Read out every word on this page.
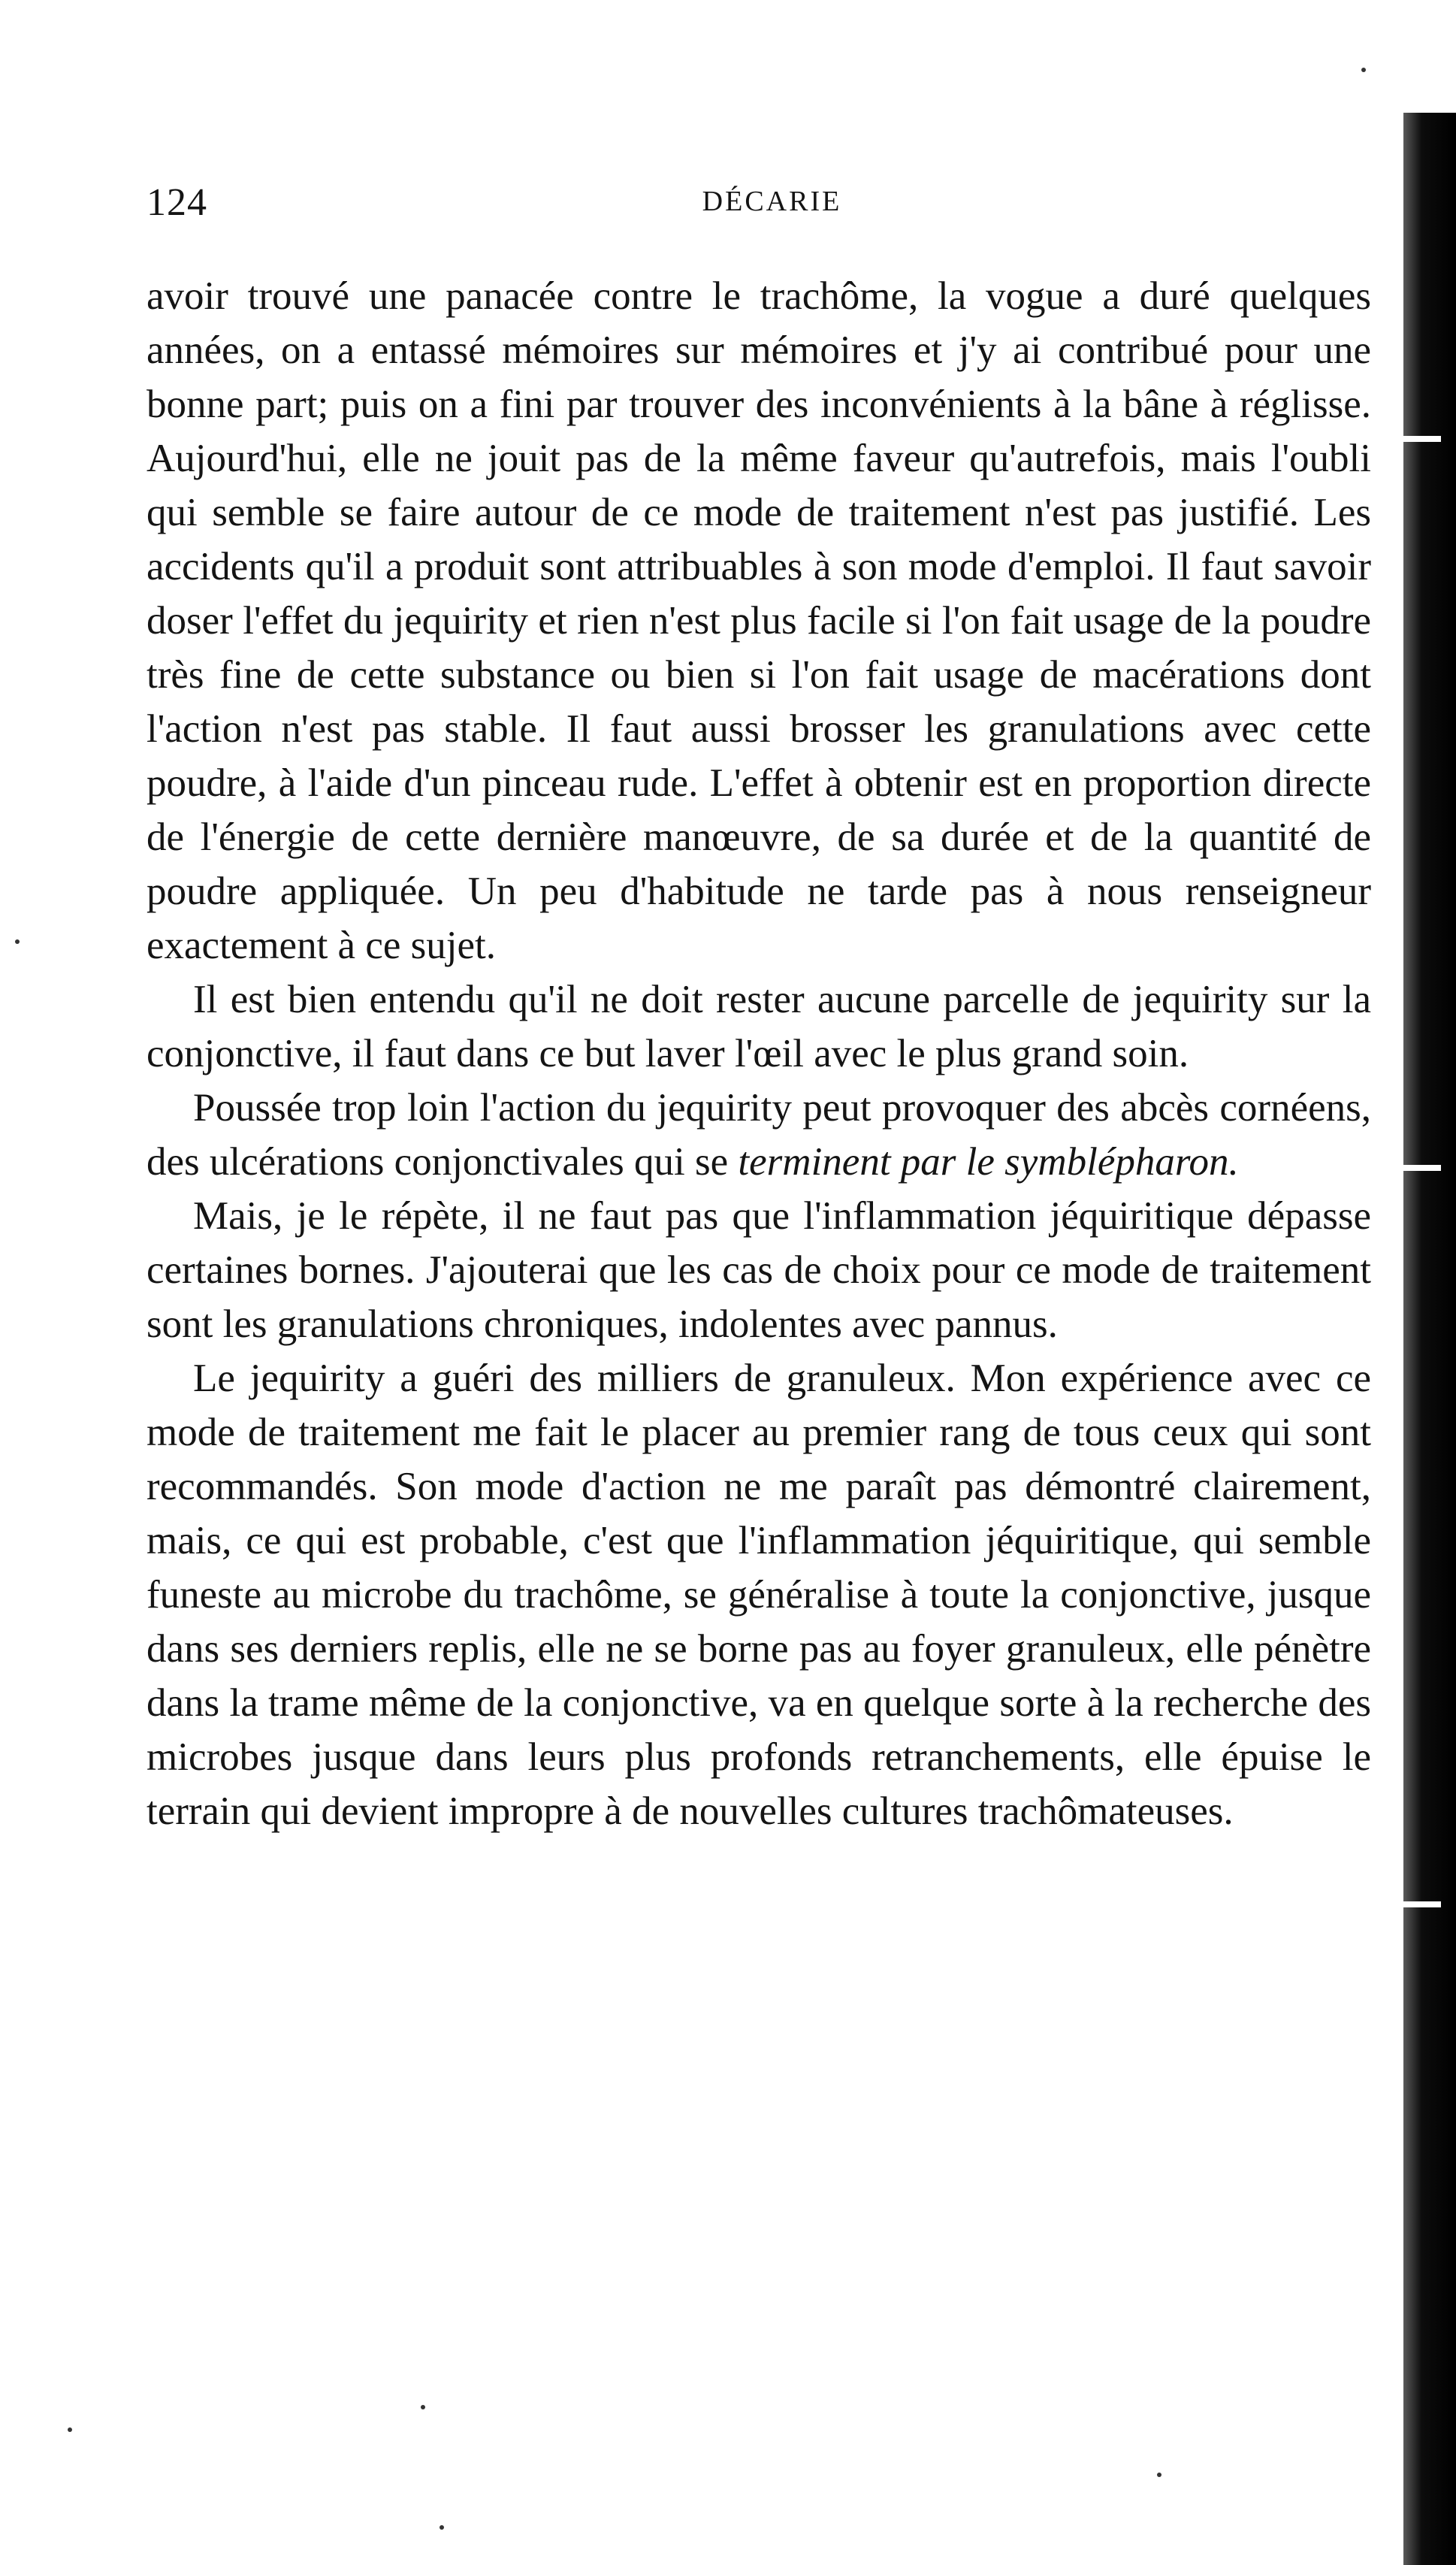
124	DÉCARIE

avoir trouvé une panacée contre le trachôme, la vogue a duré quelques années, on a entassé mémoires sur mémoires et j'y ai contribué pour une bonne part; puis on a fini par trouver des inconvénients à la bâne à réglisse. Aujourd'hui, elle ne jouit pas de la même faveur qu'autrefois, mais l'oubli qui semble se faire autour de ce mode de traitement n'est pas justifié. Les accidents qu'il a produit sont attribuables à son mode d'emploi. Il faut savoir doser l'effet du jequirity et rien n'est plus facile si l'on fait usage de la poudre très fine de cette substance ou bien si l'on fait usage de macérations dont l'action n'est pas stable. Il faut aussi brosser les granulations avec cette poudre, à l'aide d'un pinceau rude. L'effet à obtenir est en proportion directe de l'énergie de cette dernière manœuvre, de sa durée et de la quantité de poudre appliquée. Un peu d'habitude ne tarde pas à nous renseigneur exactement à ce sujet.

Il est bien entendu qu'il ne doit rester aucune parcelle de jequirity sur la conjonctive, il faut dans ce but laver l'œil avec le plus grand soin.

Poussée trop loin l'action du jequirity peut provoquer des abcès cornéens, des ulcérations conjonctivales qui se terminent par le symblépharon.

Mais, je le répète, il ne faut pas que l'inflammation jéquiritique dépasse certaines bornes. J'ajouterai que les cas de choix pour ce mode de traitement sont les granulations chroniques, indolentes avec pannus.

Le jequirity a guéri des milliers de granuleux. Mon expérience avec ce mode de traitement me fait le placer au premier rang de tous ceux qui sont recommandés. Son mode d'action ne me paraît pas démontré clairement, mais, ce qui est probable, c'est que l'inflammation jéquiritique, qui semble funeste au microbe du trachôme, se généralise à toute la conjonctive, jusque dans ses derniers replis, elle ne se borne pas au foyer granuleux, elle pénètre dans la trame même de la conjonctive, va en quelque sorte à la recherche des microbes jusque dans leurs plus profonds retranchements, elle épuise le terrain qui devient impropre à de nouvelles cultures trachômateuses.
